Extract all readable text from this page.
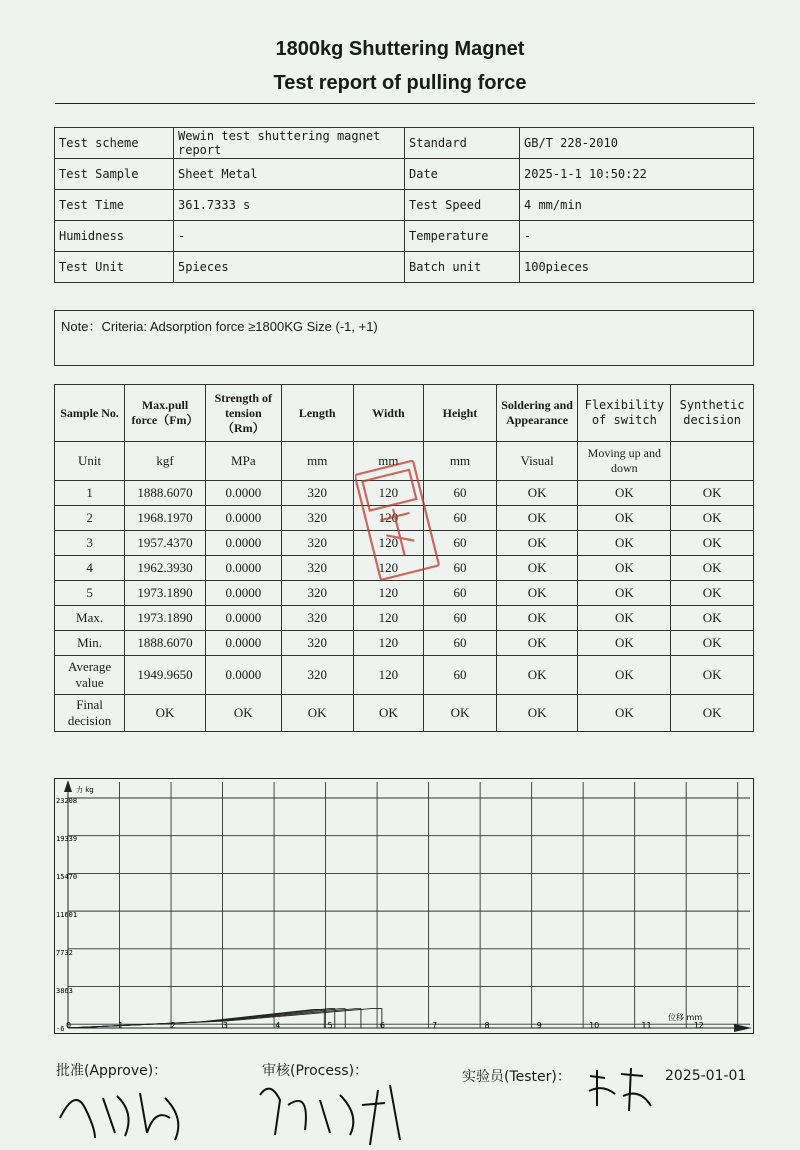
1800kg Shuttering Magnet
Test report of pulling force
Test scheme	Wewin test shuttering magnet report	Standard	GB/T 228-2010
Test Sample	Sheet Metal	Date	2025-1-1 10:50:22
Test Time	361.7333 s	Test Speed	4 mm/min
Humidness	-	Temperature	-
Test Unit	5pieces	Batch unit	100pieces
Note：Criteria: Adsorption force ≥1800KG Size (-1, +1)
Sample No.	Max.pull force（Fm）	Strength of tension（Rm）	Length	Width	Height	Soldering and Appearance	Flexibility of switch	Synthetic decision
Unit	kgf	MPa	mm	mm	mm	Visual	Moving up and down	
1	1888.6070	0.0000	320	120	60	OK	OK	OK
2	1968.1970	0.0000	320	120	60	OK	OK	OK
3	1957.4370	0.0000	320	120	60	OK	OK	OK
4	1962.3930	0.0000	320	120	60	OK	OK	OK
5	1973.1890	0.0000	320	120	60	OK	OK	OK
Max.	1973.1890	0.0000	320	120	60	OK	OK	OK
Min.	1888.6070	0.0000	320	120	60	OK	OK	OK
Average value	1949.9650	0.0000	320	120	60	OK	OK	OK
Final decision	OK	OK	OK	OK	OK	OK	OK	OK
-6
3863
7732
11601
15470
19339
23208
0	1	2	3	4	5	6	7	8	9	10	11	12
力 kg
位移 mm
批准(Approve)：	审核(Process)：	实验员(Tester)：	2025-01-01
